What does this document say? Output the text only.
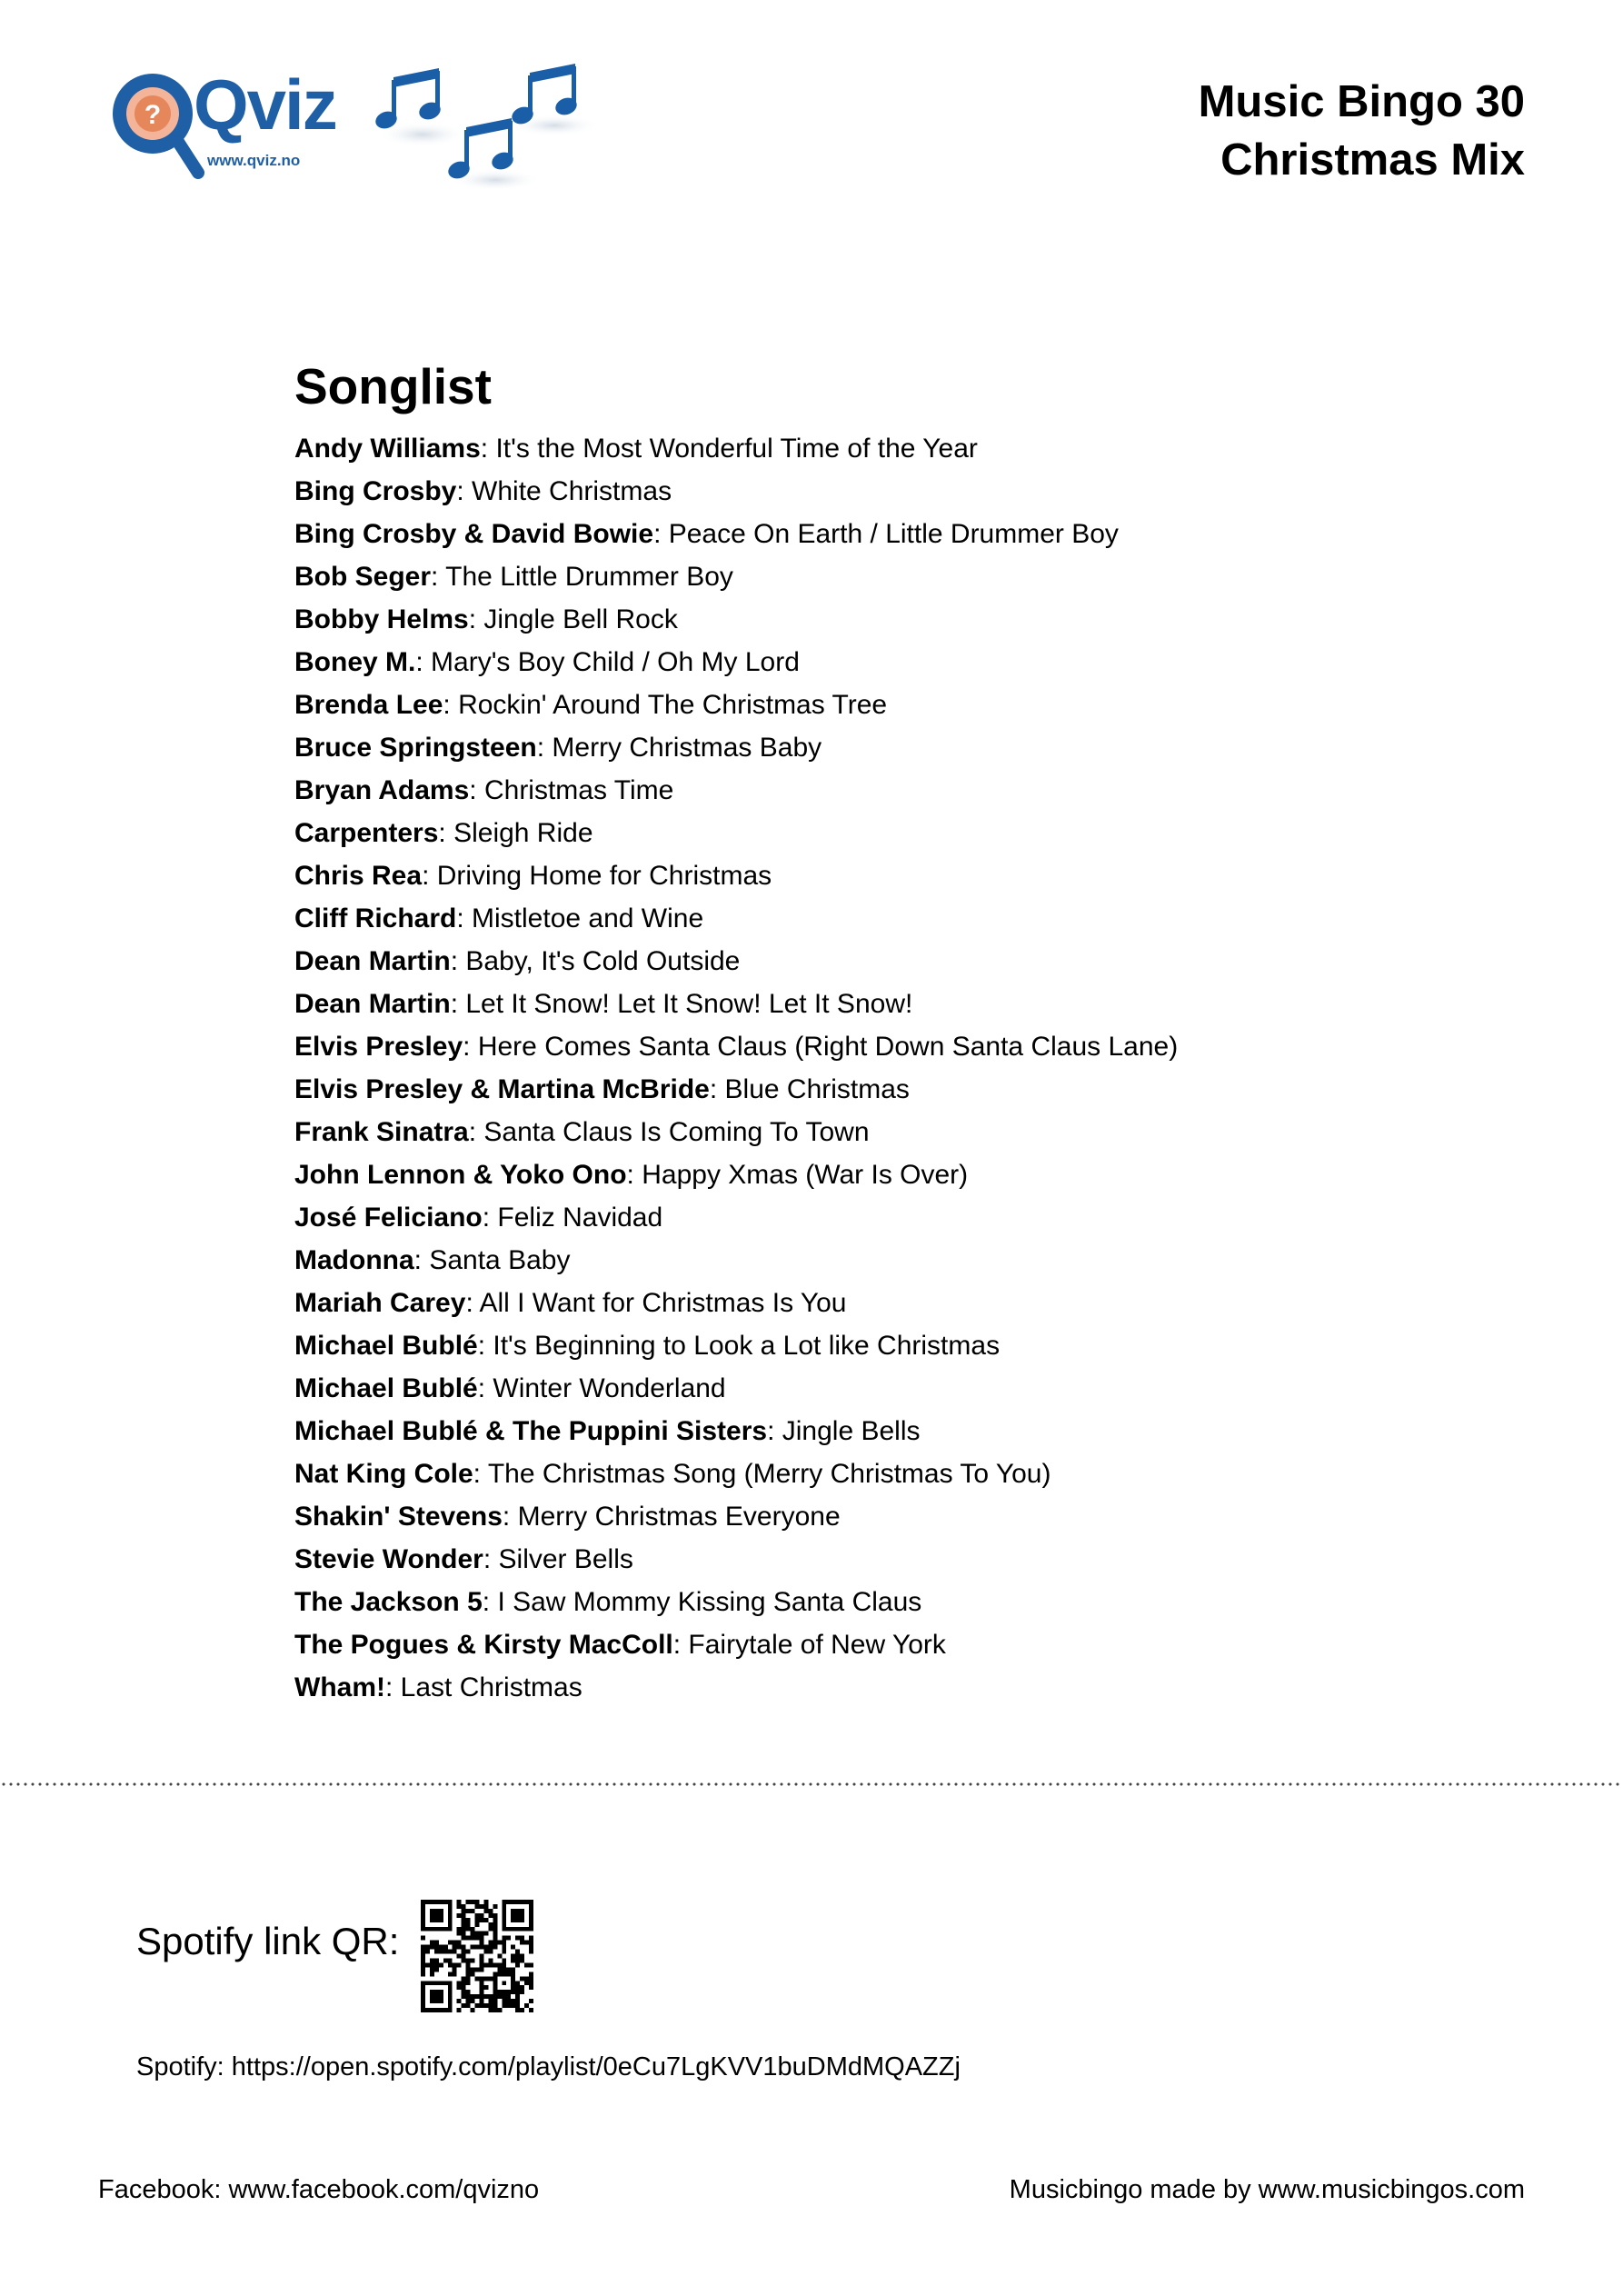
? Qviz
www.qviz.no
Music Bingo 30
Christmas Mix
Songlist
Andy Williams: It's the Most Wonderful Time of the Year
Bing Crosby: White Christmas
Bing Crosby & David Bowie: Peace On Earth / Little Drummer Boy
Bob Seger: The Little Drummer Boy
Bobby Helms: Jingle Bell Rock
Boney M.: Mary's Boy Child / Oh My Lord
Brenda Lee: Rockin' Around The Christmas Tree
Bruce Springsteen: Merry Christmas Baby
Bryan Adams: Christmas Time
Carpenters: Sleigh Ride
Chris Rea: Driving Home for Christmas
Cliff Richard: Mistletoe and Wine
Dean Martin: Baby, It's Cold Outside
Dean Martin: Let It Snow! Let It Snow! Let It Snow!
Elvis Presley: Here Comes Santa Claus (Right Down Santa Claus Lane)
Elvis Presley & Martina McBride: Blue Christmas
Frank Sinatra: Santa Claus Is Coming To Town
John Lennon & Yoko Ono: Happy Xmas (War Is Over)
José Feliciano: Feliz Navidad
Madonna: Santa Baby
Mariah Carey: All I Want for Christmas Is You
Michael Bublé: It's Beginning to Look a Lot like Christmas
Michael Bublé: Winter Wonderland
Michael Bublé & The Puppini Sisters: Jingle Bells
Nat King Cole: The Christmas Song (Merry Christmas To You)
Shakin' Stevens: Merry Christmas Everyone
Stevie Wonder: Silver Bells
The Jackson 5: I Saw Mommy Kissing Santa Claus
The Pogues & Kirsty MacColl: Fairytale of New York
Wham!: Last Christmas
Spotify link QR:
Spotify: https://open.spotify.com/playlist/0eCu7LgKVV1buDMdMQAZZj
Facebook: www.facebook.com/qvizno	Musicbingo made by www.musicbingos.com
